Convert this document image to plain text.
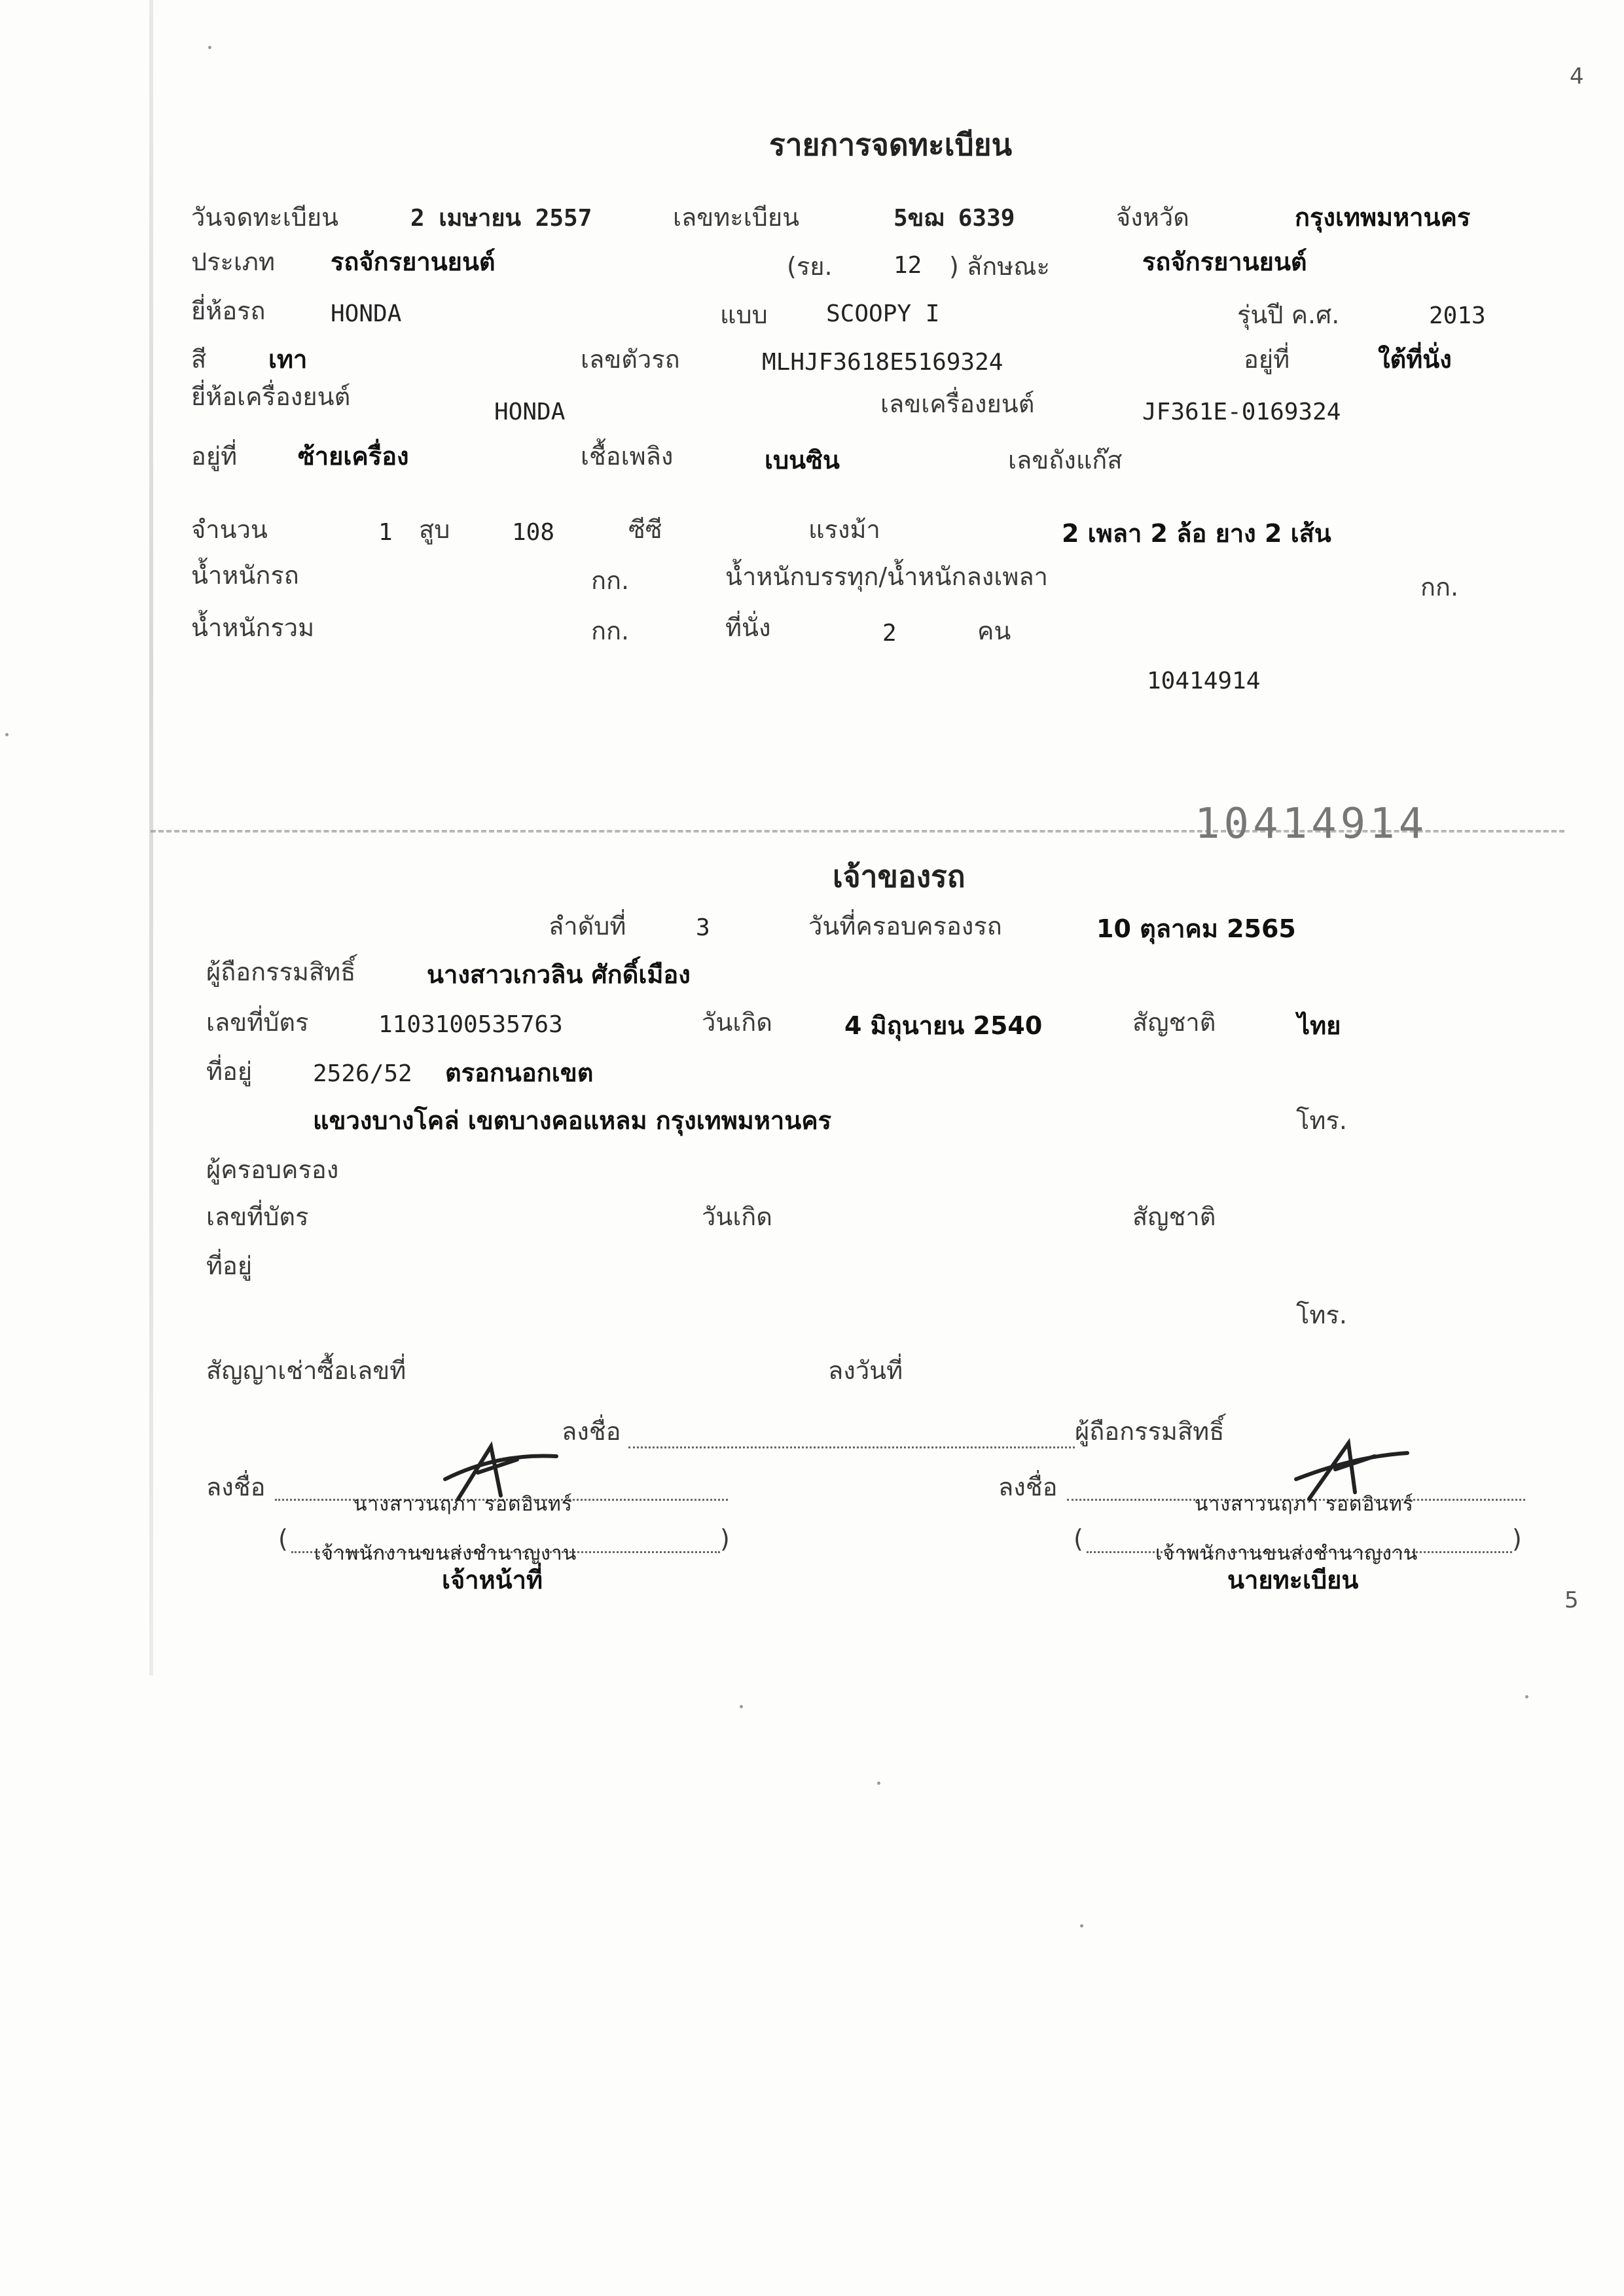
4
5
รายการจดทะเบียน
วันจดทะเบียน	2 เมษายน 2557	เลขทะเบียน	5ขฌ 6339	จังหวัด	กรุงเทพมหานคร
ประเภท รถจักรยานยนต์	(รย.	12 ) ลักษณะ	รถจักรยานยนต์
ยี่ห้อรถ	HONDA	แบบ SCOOPY I	รุ่นปี ค.ศ.	2013
สี เทา	เลขตัวรถ	MLHJF3618E5169324	อยู่ที่	ใต้ที่นั่ง
ยี่ห้อเครื่องยนต์
HONDA	เลขเครื่องยนต์	JF361E-0169324
อยู่ที่ ซ้ายเครื่อง	เชื้อเพลิง	เบนซิน	เลขถังแก๊ส
จำนวน	1 สูบ	108	ซีซี	แรงม้า	2 เพลา 2 ล้อ ยาง 2 เส้น
น้ำหนักรถ	กก.	น้ำหนักบรรทุก/น้ำหนักลงเพลา	กก.
น้ำหนักรวม	กก.	ที่นั่ง	2	คน
10414914
10414914
เจ้าของรถ
ลำดับที่	3	วันที่ครอบครองรถ	10 ตุลาคม 2565
ผู้ถือกรรมสิทธิ์	นางสาวเกวลิน ศักดิ์เมือง
เลขที่บัตร	1103100535763	วันเกิด	4 มิถุนายน 2540	สัญชาติ	ไทย
ที่อยู่	2526/52 ตรอกนอกเขต
แขวงบางโคล่ เขตบางคอแหลม กรุงเทพมหานคร	โทร.
ผู้ครอบครอง
เลขที่บัตร	วันเกิด	สัญชาติ
ที่อยู่
โทร.
สัญญาเช่าซื้อเลขที่	ลงวันที่
ลงชื่อ	ผู้ถือกรรมสิทธิ์
ลงชื่อ
นางสาวนฤภา รอดอินทร์
(
เจ้าพนักงานขนส่งชำนาญงาน
)
เจ้าหน้าที่
ลงชื่อ
นางสาวนฤภา รอดอินทร์
(
เจ้าพนักงานขนส่งชำนาญงาน
)
นายทะเบียน
